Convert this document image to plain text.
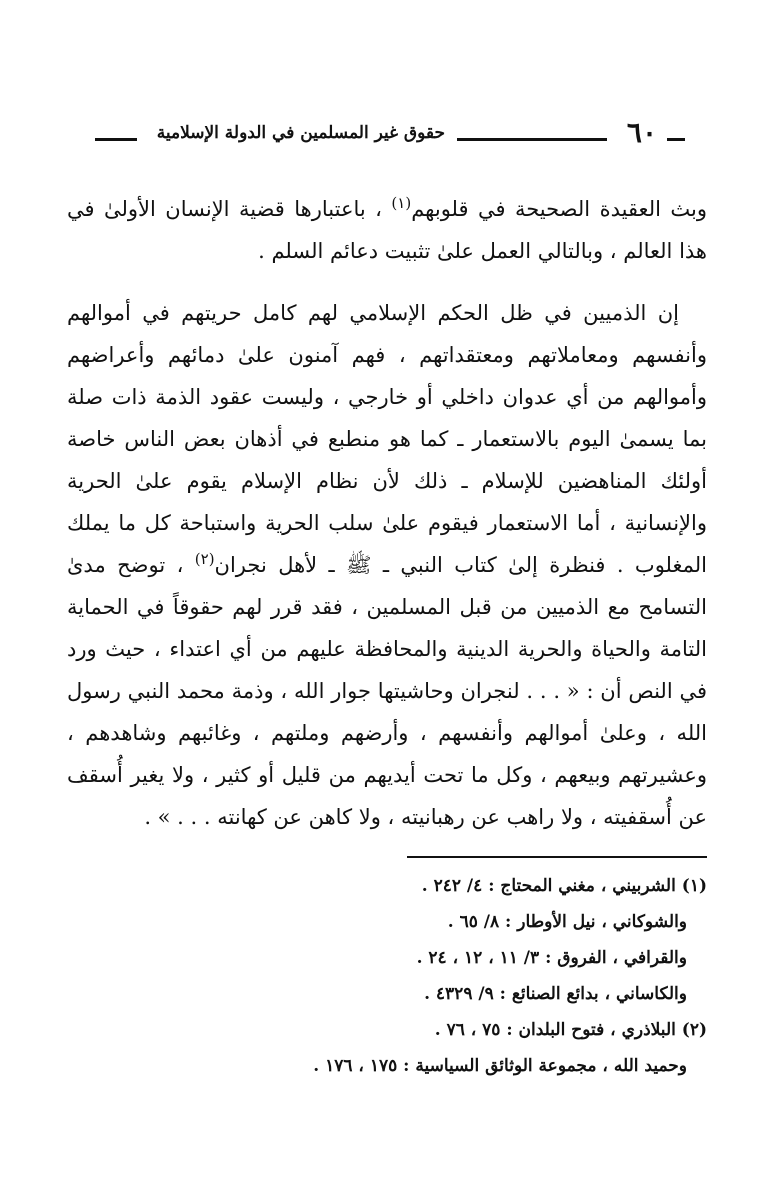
٦٠
حقوق غير المسلمين في الدولة الإسلامية

وبث العقيدة الصحيحة في قلوبهم$^{(١)}$ ، باعتبارها قضية الإنسان الأولىٰ في هذا العالم ، وبالتالي العمل علىٰ تثبيت دعائم السلم .

إن الذميين في ظل الحكم الإسلامي لهم كامل حريتهم في أموالهم وأنفسهم ومعاملاتهم ومعتقداتهم ، فهم آمنون علىٰ دمائهم وأعراضهم وأموالهم من أي عدوان داخلي أو خارجي ، وليست عقود الذمة ذات صلة بما يسمىٰ اليوم بالاستعمار ـ كما هو منطبع في أذهان بعض الناس خاصة أولئك المناهضين للإسلام ـ ذلك لأن نظام الإسلام يقوم علىٰ الحرية والإنسانية ، أما الاستعمار فيقوم علىٰ سلب الحرية واستباحة كل ما يملك المغلوب . فنظرة إلىٰ كتاب النبي ـ ﷺ ـ لأهل نجران$^{(٢)}$ ، توضح مدىٰ التسامح مع الذميين من قبل المسلمين ، فقد قرر لهم حقوقاً في الحماية التامة والحياة والحرية الدينية والمحافظة عليهم من أي اعتداء ، حيث ورد في النص أن : « . . . لنجران وحاشيتها جوار الله ، وذمة محمد النبي رسول الله ، وعلىٰ أموالهم وأنفسهم ، وأرضهم وملتهم ، وغائبهم وشاهدهم ، وعشيرتهم وبيعهم ، وكل ما تحت أيديهم من قليل أو كثير ، ولا يغير أُسقف عن أُسقفيته ، ولا راهب عن رهبانيته ، ولا كاهن عن كهانته . . . » .

(١) الشربيني ، مغني المحتاج : ٤/ ٢٤٢ .
والشوكاني ، نيل الأوطار : ٨/ ٦٥ .
والقرافي ، الفروق : ٣/ ١١ ، ١٢ ، ٢٤ .
والكاساني ، بدائع الصنائع : ٩/ ٤٣٢٩ .
(٢) البلاذري ، فتوح البلدان : ٧٥ ، ٧٦ .
وحميد الله ، مجموعة الوثائق السياسية : ١٧٥ ، ١٧٦ .
